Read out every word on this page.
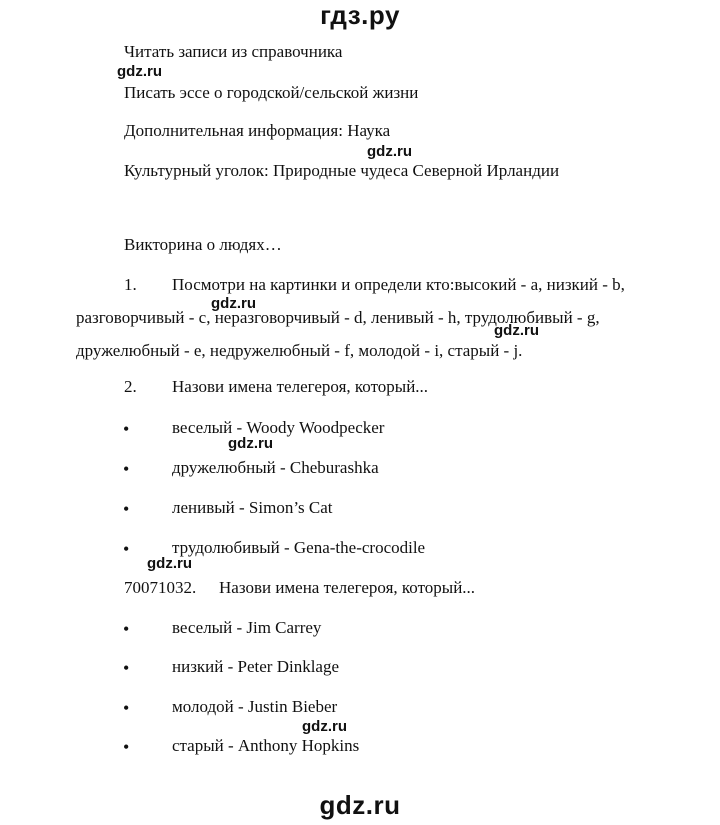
гдз.ру
Читать записи из справочника
gdz.ru
Писать эссе о городской/сельской жизни
Дополнительная информация: Наука
gdz.ru
Культурный уголок: Природные чудеса Северной Ирландии
Викторина о людях…
1. Посмотри на картинки и определи кто:высокий - a, низкий - b,
gdz.ru
разговорчивый - c, неразговорчивый - d, ленивый - h, трудолюбивый - g,
gdz.ru
дружелюбный - e, недружелюбный - f, молодой - i, старый - j.
2. Назови имена телегероя, который...
•	веселый - Woody Woodpecker
gdz.ru
•	дружелюбный - Cheburashka
•	ленивый - Simon’s Cat
•	трудолюбивый - Gena-the-crocodile
gdz.ru
70071032. Назови имена телегероя, который...
•	веселый - Jim Carrey
•	низкий - Peter Dinklage
•	молодой - Justin Bieber
gdz.ru
•	старый - Anthony Hopkins
gdz.ru
